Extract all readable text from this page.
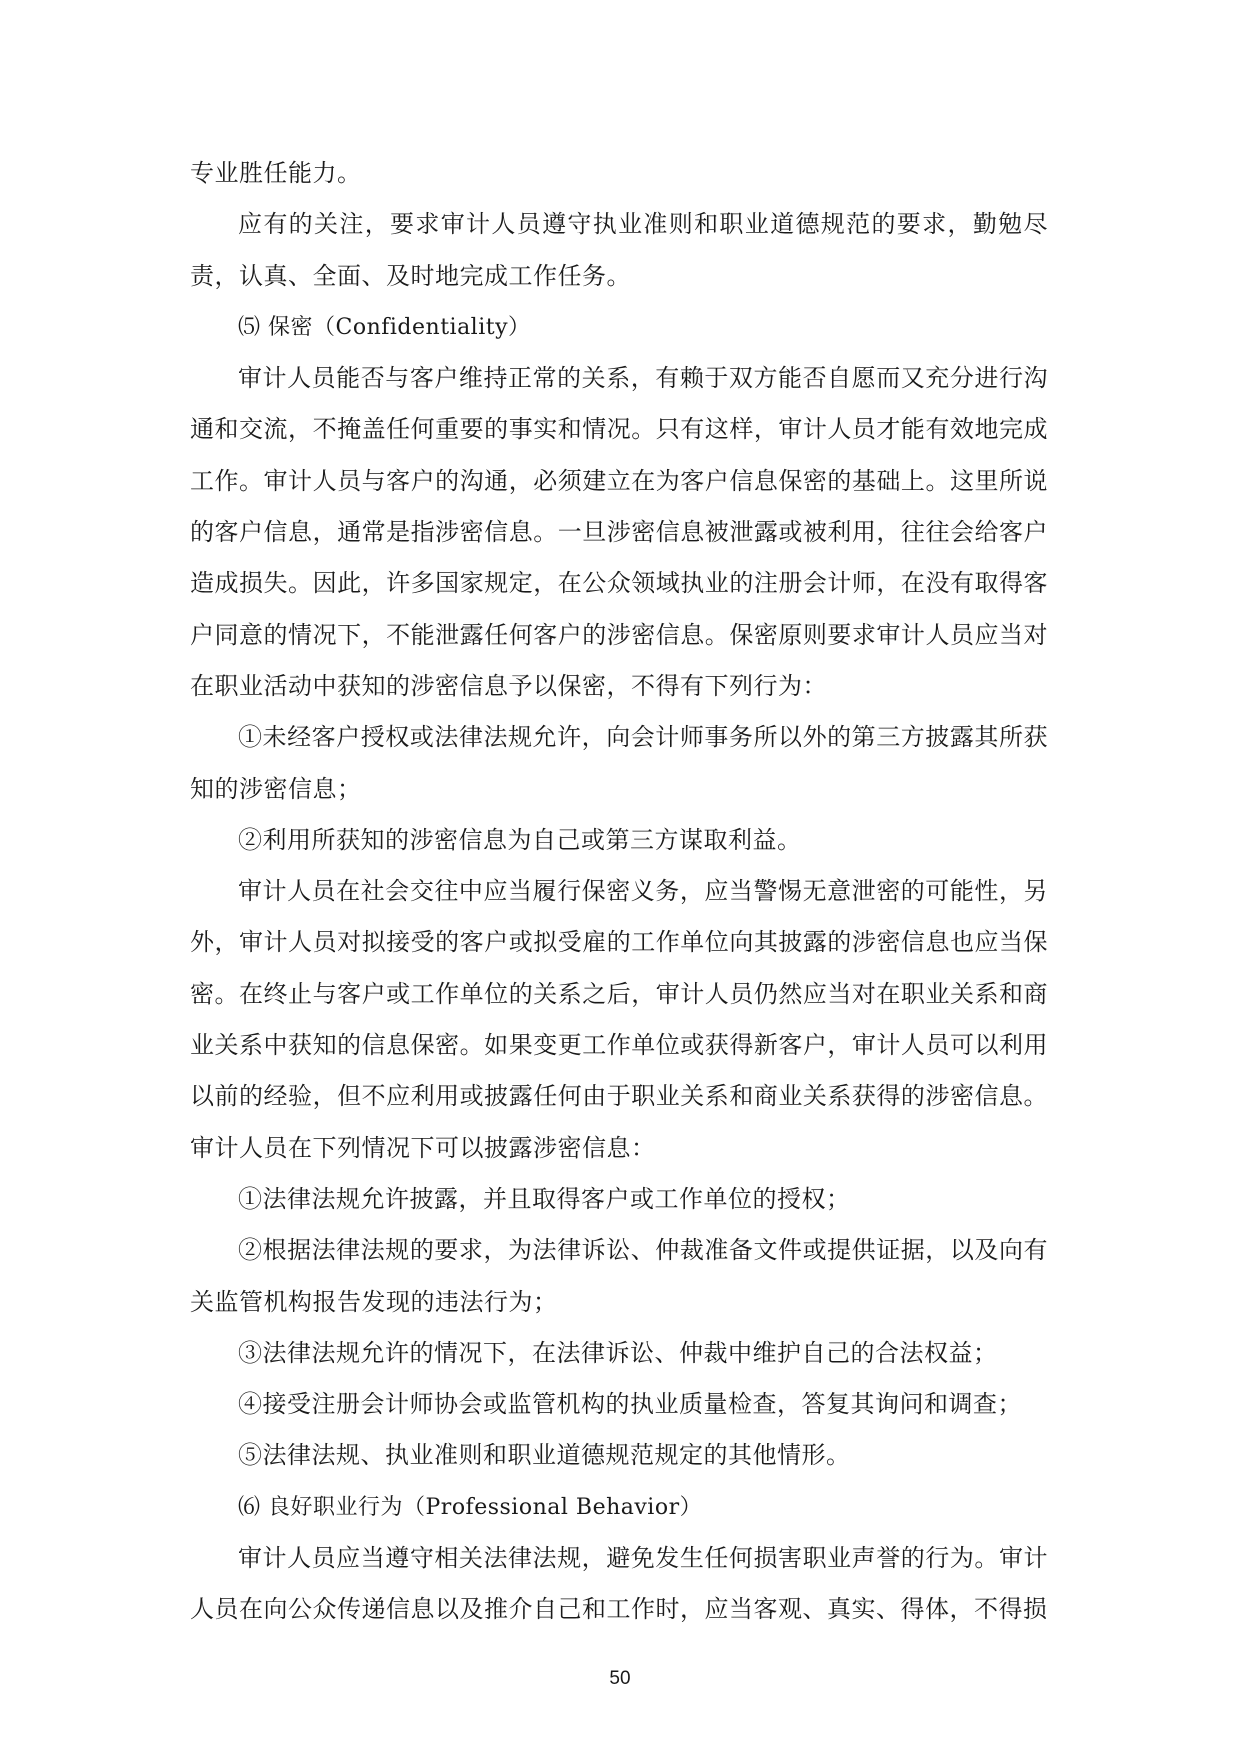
专业胜任能力。

应有的关注，要求审计人员遵守执业准则和职业道德规范的要求，勤勉尽责，认真、全面、及时地完成工作任务。

⑸ 保密（Confidentiality）

审计人员能否与客户维持正常的关系，有赖于双方能否自愿而又充分进行沟通和交流，不掩盖任何重要的事实和情况。只有这样，审计人员才能有效地完成工作。审计人员与客户的沟通，必须建立在为客户信息保密的基础上。这里所说的客户信息，通常是指涉密信息。一旦涉密信息被泄露或被利用，往往会给客户造成损失。因此，许多国家规定，在公众领域执业的注册会计师，在没有取得客户同意的情况下，不能泄露任何客户的涉密信息。保密原则要求审计人员应当对在职业活动中获知的涉密信息予以保密，不得有下列行为：

①未经客户授权或法律法规允许，向会计师事务所以外的第三方披露其所获知的涉密信息；

②利用所获知的涉密信息为自己或第三方谋取利益。

审计人员在社会交往中应当履行保密义务，应当警惕无意泄密的可能性，另外，审计人员对拟接受的客户或拟受雇的工作单位向其披露的涉密信息也应当保密。在终止与客户或工作单位的关系之后，审计人员仍然应当对在职业关系和商业关系中获知的信息保密。如果变更工作单位或获得新客户，审计人员可以利用以前的经验，但不应利用或披露任何由于职业关系和商业关系获得的涉密信息。审计人员在下列情况下可以披露涉密信息：

①法律法规允许披露，并且取得客户或工作单位的授权；

②根据法律法规的要求，为法律诉讼、仲裁准备文件或提供证据，以及向有关监管机构报告发现的违法行为；

③法律法规允许的情况下，在法律诉讼、仲裁中维护自己的合法权益；

④接受注册会计师协会或监管机构的执业质量检查，答复其询问和调查；

⑤法律法规、执业准则和职业道德规范规定的其他情形。

⑹ 良好职业行为（Professional Behavior）

审计人员应当遵守相关法律法规，避免发生任何损害职业声誉的行为。审计人员在向公众传递信息以及推介自己和工作时，应当客观、真实、得体，不得损

50
